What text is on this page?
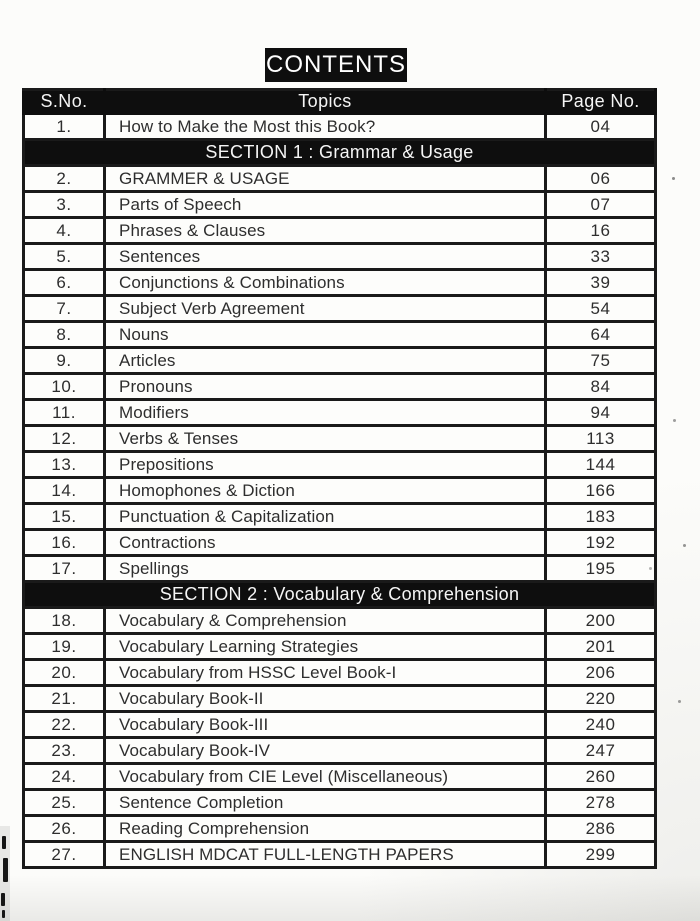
CONTENTS
S.No.	Topics	Page No.
1.	How to Make the Most this Book?	04
SECTION 1 : Grammar & Usage		
2.	GRAMMER & USAGE	06
3.	Parts of Speech	07
4.	Phrases & Clauses	16
5.	Sentences	33
6.	Conjunctions & Combinations	39
7.	Subject Verb Agreement	54
8.	Nouns	64
9.	Articles	75
10.	Pronouns	84
11.	Modifiers	94
12.	Verbs & Tenses	113
13.	Prepositions	144
14.	Homophones & Diction	166
15.	Punctuation & Capitalization	183
16.	Contractions	192
17.	Spellings	195
SECTION 2 : Vocabulary & Comprehension		
18.	Vocabulary & Comprehension	200
19.	Vocabulary Learning Strategies	201
20.	Vocabulary from HSSC Level Book-I	206
21.	Vocabulary Book-II	220
22.	Vocabulary Book-III	240
23.	Vocabulary Book-IV	247
24.	Vocabulary from CIE Level (Miscellaneous)	260
25.	Sentence Completion	278
26.	Reading Comprehension	286
27.	ENGLISH MDCAT FULL-LENGTH PAPERS	299
